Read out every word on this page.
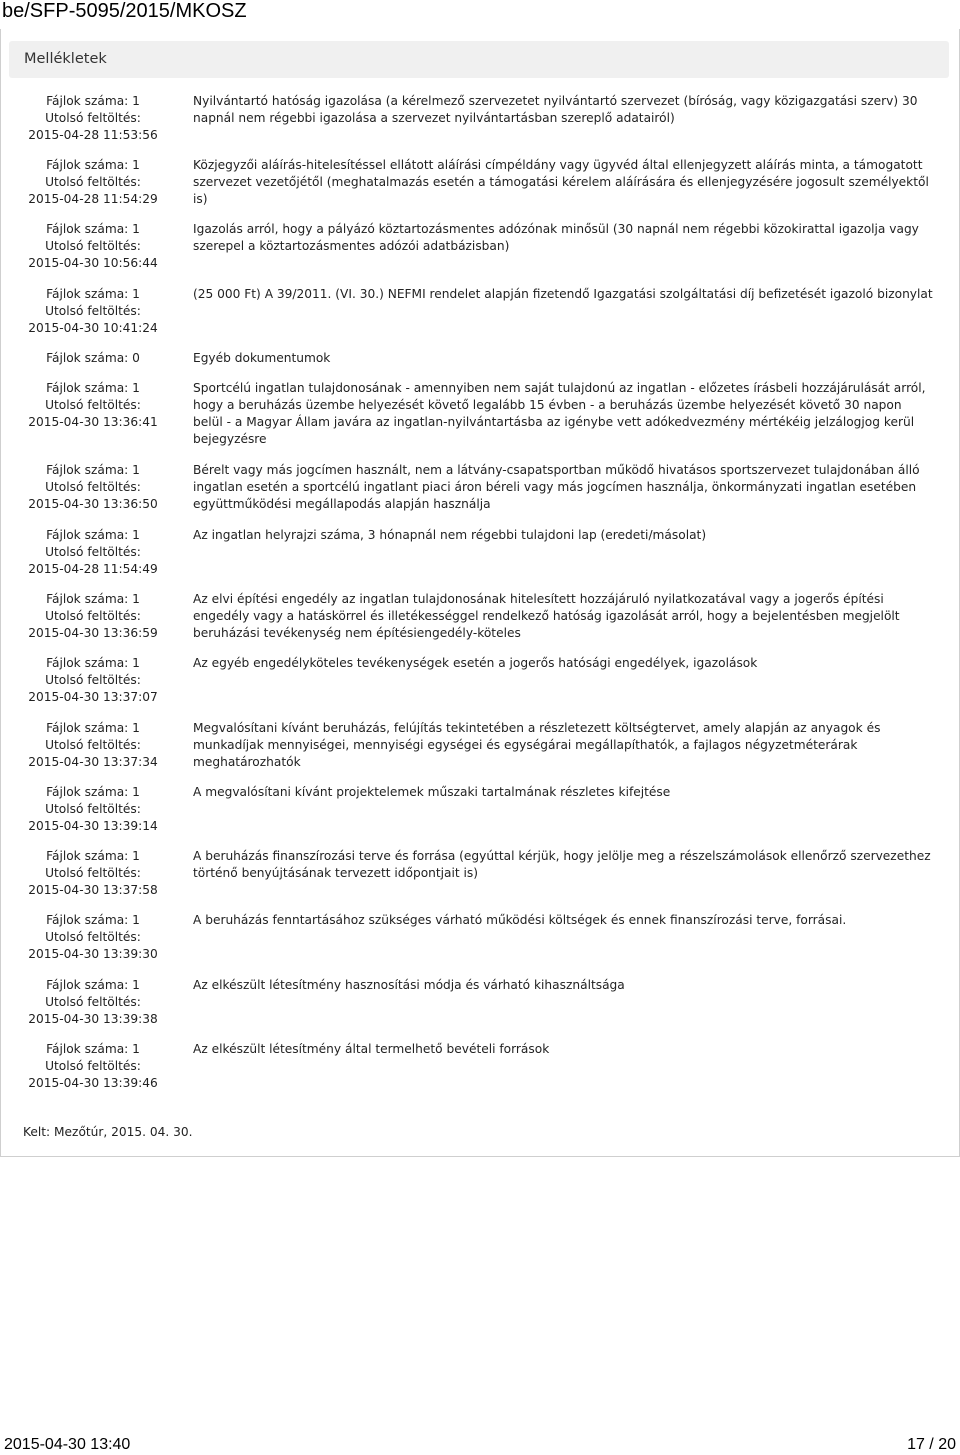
be/SFP-5095/2015/MKOSZ
Mellékletek
Fájlok száma: 1
Utolsó feltöltés:
2015-04-28 11:53:56
Nyilvántartó hatóság igazolása (a kérelmező szervezetet nyilvántartó szervezet (bíróság, vagy közigazgatási szerv) 30 napnál nem régebbi igazolása a szervezet nyilvántartásban szereplő adatairól)
Fájlok száma: 1
Utolsó feltöltés:
2015-04-28 11:54:29
Közjegyzői aláírás-hitelesítéssel ellátott aláírási címpéldány vagy ügyvéd által ellenjegyzett aláírás minta, a támogatott szervezet vezetőjétől (meghatalmazás esetén a támogatási kérelem aláírására és ellenjegyzésére jogosult személyektől is)
Fájlok száma: 1
Utolsó feltöltés:
2015-04-30 10:56:44
Igazolás arról, hogy a pályázó köztartozásmentes adózónak minősül (30 napnál nem régebbi közokirattal igazolja vagy szerepel a köztartozásmentes adózói adatbázisban)
Fájlok száma: 1
Utolsó feltöltés:
2015-04-30 10:41:24
(25 000 Ft) A 39/2011. (VI. 30.) NEFMI rendelet alapján fizetendő Igazgatási szolgáltatási díj befizetését igazoló bizonylat
Fájlok száma: 0	Egyéb dokumentumok
Fájlok száma: 1
Utolsó feltöltés:
2015-04-30 13:36:41
Sportcélú ingatlan tulajdonosának - amennyiben nem saját tulajdonú az ingatlan - előzetes írásbeli hozzájárulását arról, hogy a beruházás üzembe helyezését követő legalább 15 évben - a beruházás üzembe helyezését követő 30 napon belül - a Magyar Állam javára az ingatlan-nyilvántartásba az igénybe vett adókedvezmény mértékéig jelzálogjog kerül bejegyzésre
Fájlok száma: 1
Utolsó feltöltés:
2015-04-30 13:36:50
Bérelt vagy más jogcímen használt, nem a látvány-csapatsportban működő hivatásos sportszervezet tulajdonában álló ingatlan esetén a sportcélú ingatlant piaci áron béreli vagy más jogcímen használja, önkormányzati ingatlan esetében együttműködési megállapodás alapján használja
Fájlok száma: 1
Utolsó feltöltés:
2015-04-28 11:54:49
Az ingatlan helyrajzi száma, 3 hónapnál nem régebbi tulajdoni lap (eredeti/másolat)
Fájlok száma: 1
Utolsó feltöltés:
2015-04-30 13:36:59
Az elvi építési engedély az ingatlan tulajdonosának hitelesített hozzájáruló nyilatkozatával vagy a jogerős építési engedély vagy a hatáskörrel és illetékességgel rendelkező hatóság igazolását arról, hogy a bejelentésben megjelölt beruházási tevékenység nem építésiengedély-köteles
Fájlok száma: 1
Utolsó feltöltés:
2015-04-30 13:37:07
Az egyéb engedélyköteles tevékenységek esetén a jogerős hatósági engedélyek, igazolások
Fájlok száma: 1
Utolsó feltöltés:
2015-04-30 13:37:34
Megvalósítani kívánt beruházás, felújítás tekintetében a részletezett költségtervet, amely alapján az anyagok és munkadíjak mennyiségei, mennyiségi egységei és egységárai megállapíthatók, a fajlagos négyzetméterárak meghatározhatók
Fájlok száma: 1
Utolsó feltöltés:
2015-04-30 13:39:14
A megvalósítani kívánt projektelemek műszaki tartalmának részletes kifejtése
Fájlok száma: 1
Utolsó feltöltés:
2015-04-30 13:37:58
A beruházás finanszírozási terve és forrása (egyúttal kérjük, hogy jelölje meg a részelszámolások ellenőrző szervezethez történő benyújtásának tervezett időpontjait is)
Fájlok száma: 1
Utolsó feltöltés:
2015-04-30 13:39:30
A beruházás fenntartásához szükséges várható működési költségek és ennek finanszírozási terve, forrásai.
Fájlok száma: 1
Utolsó feltöltés:
2015-04-30 13:39:38
Az elkészült létesítmény hasznosítási módja és várható kihasználtsága
Fájlok száma: 1
Utolsó feltöltés:
2015-04-30 13:39:46
Az elkészült létesítmény által termelhető bevételi források
Kelt: Mezőtúr, 2015. 04. 30.
2015-04-30 13:40	17 / 20
